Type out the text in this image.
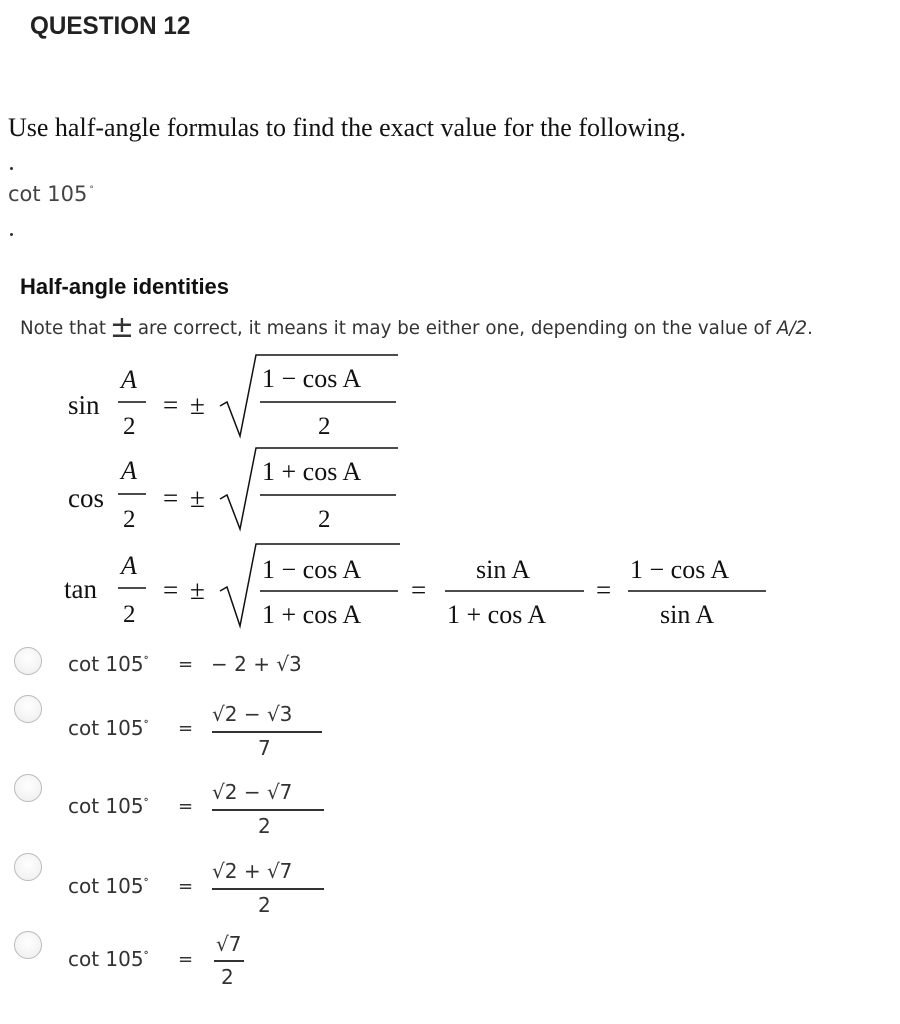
QUESTION 12
Use half-angle formulas to find the exact value for the following.
cot 105 °
Half-angle identities
Note that ± are correct, it means it may be either one, depending on the value of A/2.
sin
A
2
= ±
1 − cos A
2
cos
A
2
= ±
1 + cos A
2
tan
A
2
= ±
1 − cos A
1 + cos A
=
sin A
1 + cos A
=
1 − cos A
sin A
cot 105° = − 2 + √3
cot 105° =
√2 − √3
7
cot 105° =
√2 − √7
2
cot 105° =
√2 + √7
2
cot 105° =
√7
2
